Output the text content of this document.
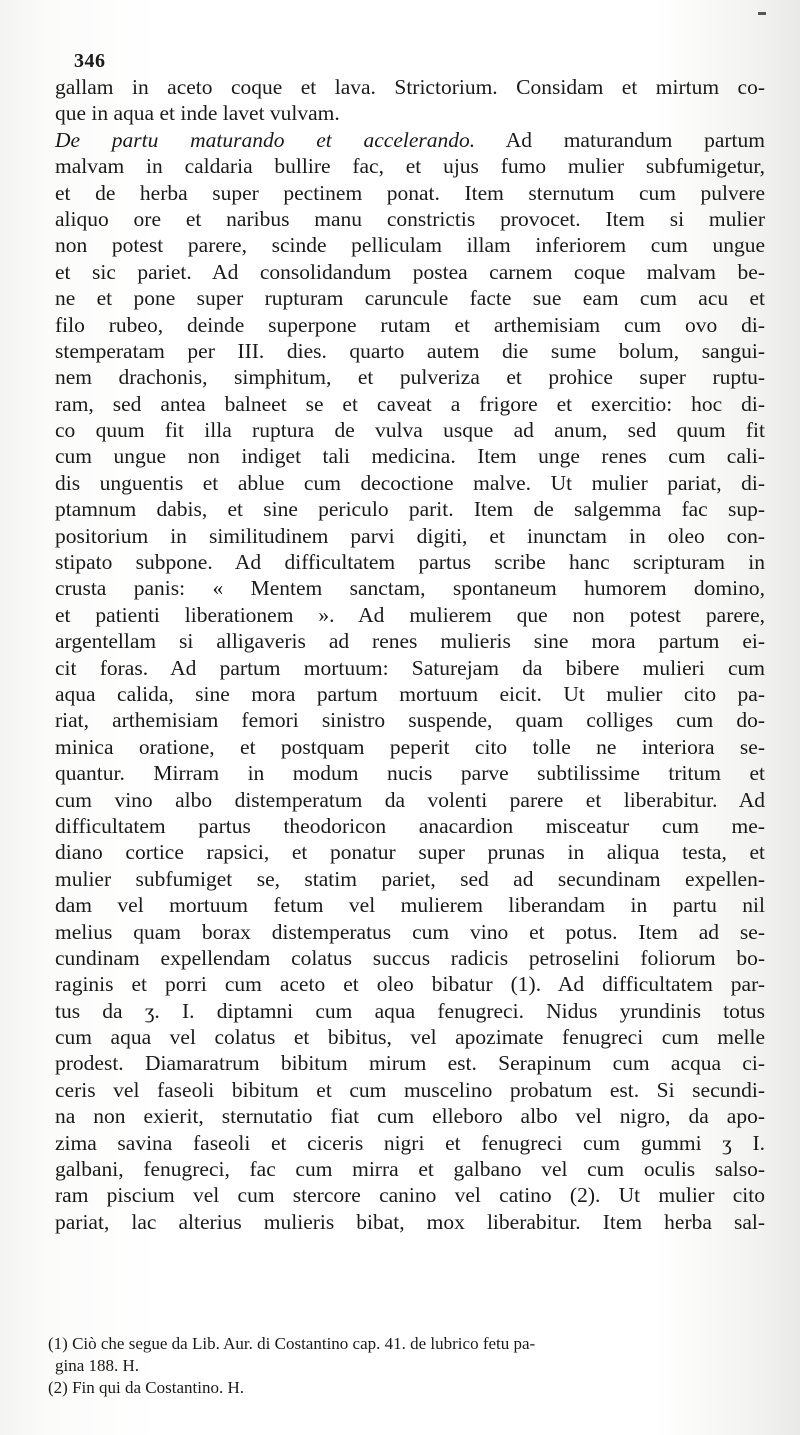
346
gallam in aceto coque et lava. Strictorium. Considam et mirtum co-
que in aqua et inde lavet vulvam.
De partu maturando et accelerando. Ad maturandum partum
malvam in caldaria bullire fac, et ujus fumo mulier subfumigetur,
et de herba super pectinem ponat. Item sternutum cum pulvere
aliquo ore et naribus manu constrictis provocet. Item si mulier
non potest parere, scinde pelliculam illam inferiorem cum ungue
et sic pariet. Ad consolidandum postea carnem coque malvam be-
ne et pone super rupturam caruncule facte sue eam cum acu et
filo rubeo, deinde superpone rutam et arthemisiam cum ovo di-
stemperatam per III. dies. quarto autem die sume bolum, sangui-
nem drachonis, simphitum, et pulveriza et prohice super ruptu-
ram, sed antea balneet se et caveat a frigore et exercitio: hoc di-
co quum fit illa ruptura de vulva usque ad anum, sed quum fit
cum ungue non indiget tali medicina. Item unge renes cum cali-
dis unguentis et ablue cum decoctione malve. Ut mulier pariat, di-
ptamnum dabis, et sine periculo parit. Item de salgemma fac sup-
positorium in similitudinem parvi digiti, et inunctam in oleo con-
stipato subpone. Ad difficultatem partus scribe hanc scripturam in
crusta panis: « Mentem sanctam, spontaneum humorem domino,
et patienti liberationem ». Ad mulierem que non potest parere,
argentellam si alligaveris ad renes mulieris sine mora partum ei-
cit foras. Ad partum mortuum: Saturejam da bibere mulieri cum
aqua calida, sine mora partum mortuum eicit. Ut mulier cito pa-
riat, arthemisiam femori sinistro suspende, quam colliges cum do-
minica oratione, et postquam peperit cito tolle ne interiora se-
quantur. Mirram in modum nucis parve subtilissime tritum et
cum vino albo distemperatum da volenti parere et liberabitur. Ad
difficultatem partus theodoricon anacardion misceatur cum me-
diano cortice rapsici, et ponatur super prunas in aliqua testa, et
mulier subfumiget se, statim pariet, sed ad secundinam expellen-
dam vel mortuum fetum vel mulierem liberandam in partu nil
melius quam borax distemperatus cum vino et potus. Item ad se-
cundinam expellendam colatus succus radicis petroselini foliorum bo-
raginis et porri cum aceto et oleo bibatur (1). Ad difficultatem par-
tus da ʒ. I. diptamni cum aqua fenugreci. Nidus yrundinis totus
cum aqua vel colatus et bibitus, vel apozimate fenugreci cum melle
prodest. Diamaratrum bibitum mirum est. Serapinum cum acqua ci-
ceris vel faseoli bibitum et cum muscelino probatum est. Si secundi-
na non exierit, sternutatio fiat cum elleboro albo vel nigro, da apo-
zima savina faseoli et ciceris nigri et fenugreci cum gummi ʒ I.
galbani, fenugreci, fac cum mirra et galbano vel cum oculis salso-
ram piscium vel cum stercore canino vel catino (2). Ut mulier cito
pariat, lac alterius mulieris bibat, mox liberabitur. Item herba sal-
(1) Ciò che segue da Lib. Aur. di Costantino cap. 41. de lubrico fetu pa-
gina 188. H.
(2) Fin qui da Costantino. H.
